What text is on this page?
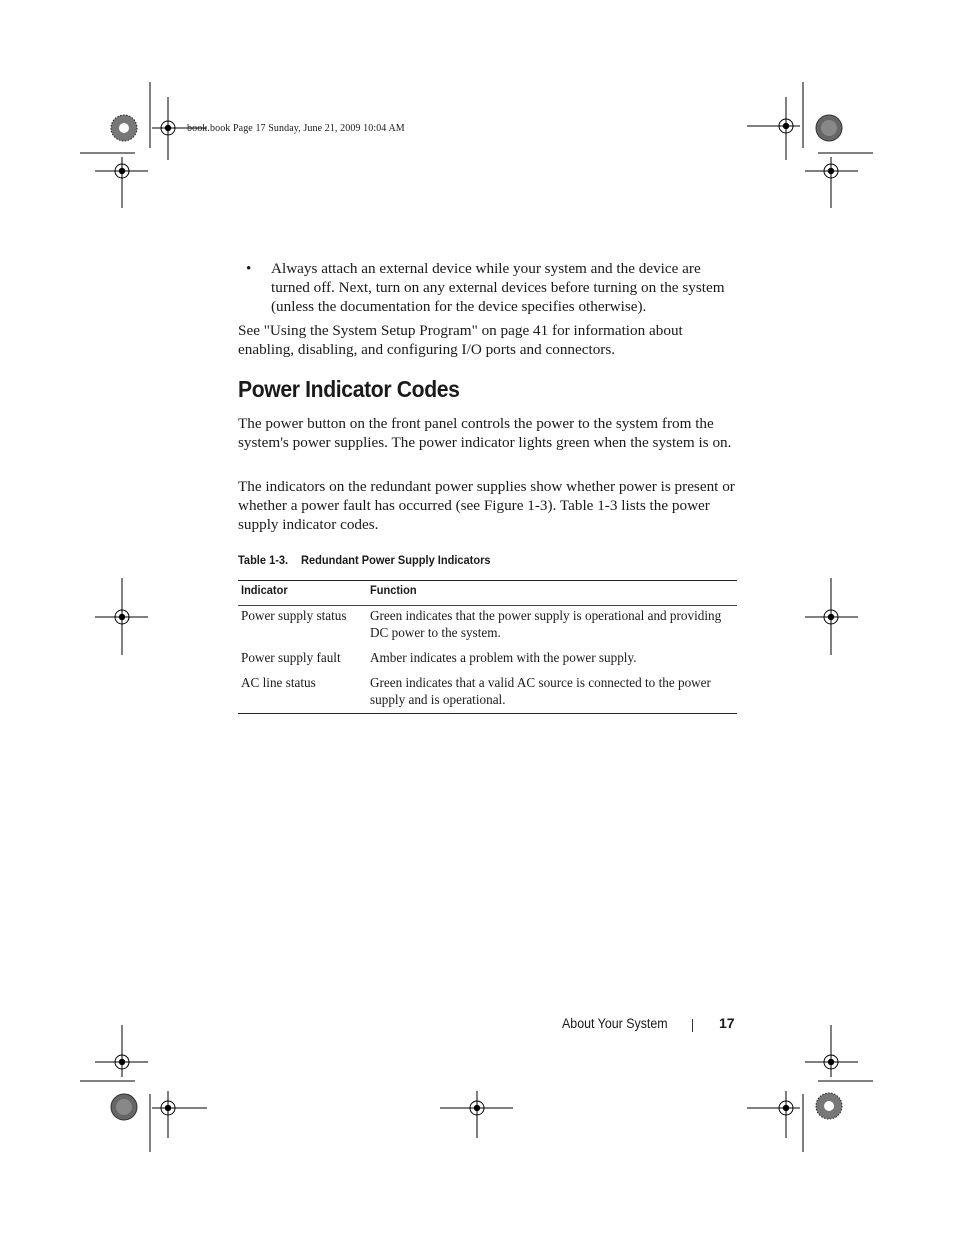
book.book Page 17 Sunday, June 21, 2009 10:04 AM
• Always attach an external device while your system and the device are turned off. Next, turn on any external devices before turning on the system (unless the documentation for the device specifies otherwise).
See "Using the System Setup Program" on page 41 for information about enabling, disabling, and configuring I/O ports and connectors.
Power Indicator Codes
The power button on the front panel controls the power to the system from the system's power supplies. The power indicator lights green when the system is on.
The indicators on the redundant power supplies show whether power is present or whether a power fault has occurred (see Figure 1-3). Table 1-3 lists the power supply indicator codes.
Table 1-3. Redundant Power Supply Indicators
Indicator	Function
Power supply status	Green indicates that the power supply is operational and providing DC power to the system.
Power supply fault	Amber indicates a problem with the power supply.
AC line status	Green indicates that a valid AC source is connected to the power supply and is operational.
About Your System	17
